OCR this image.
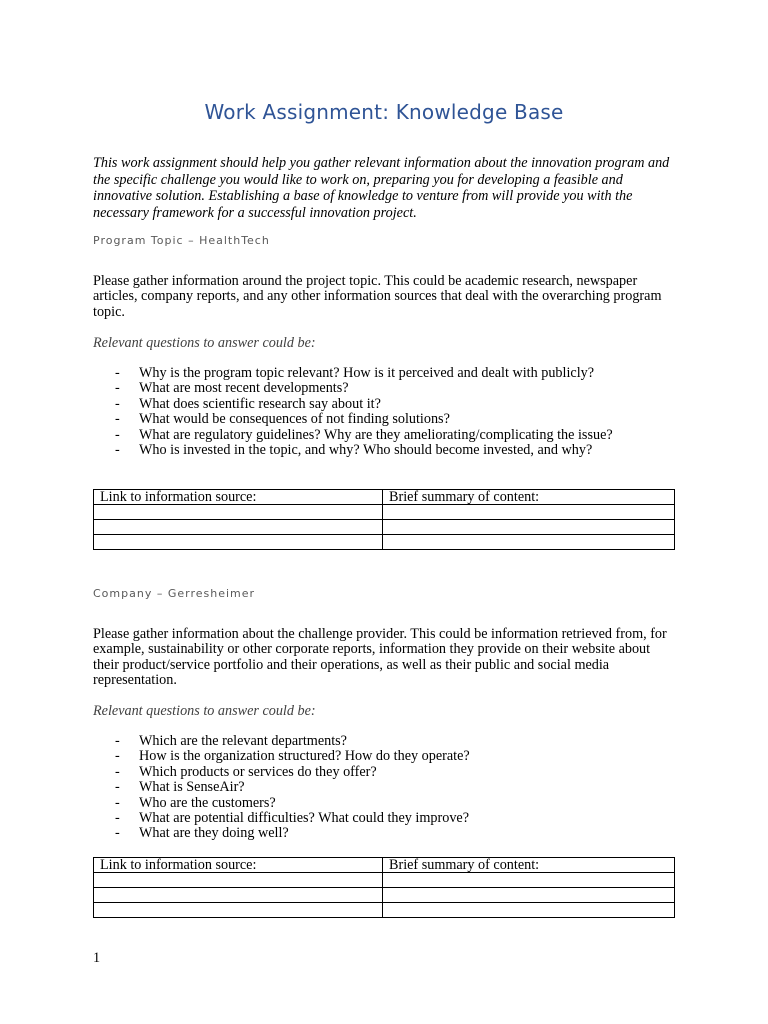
Work Assignment: Knowledge Base

This work assignment should help you gather relevant information about the innovation program and the specific challenge you would like to work on, preparing you for developing a feasible and innovative solution. Establishing a base of knowledge to venture from will provide you with the necessary framework for a successful innovation project.

Program Topic – HealthTech

Please gather information around the project topic. This could be academic research, newspaper articles, company reports, and any other information sources that deal with the overarching program topic.

Relevant questions to answer could be:

- Why is the program topic relevant? How is it perceived and dealt with publicly?
- What are most recent developments?
- What does scientific research say about it?
- What would be consequences of not finding solutions?
- What are regulatory guidelines? Why are they ameliorating/complicating the issue?
- Who is invested in the topic, and why? Who should become invested, and why?
Link to information source:	Brief summary of content:

Company – Gerresheimer

Please gather information about the challenge provider. This could be information retrieved from, for example, sustainability or other corporate reports, information they provide on their website about their product/service portfolio and their operations, as well as their public and social media representation.

Relevant questions to answer could be:

- Which are the relevant departments?
- How is the organization structured? How do they operate?
- Which products or services do they offer?
- What is SenseAir?
- Who are the customers?
- What are potential difficulties? What could they improve?
- What are they doing well?
Link to information source:	Brief summary of content:

1
